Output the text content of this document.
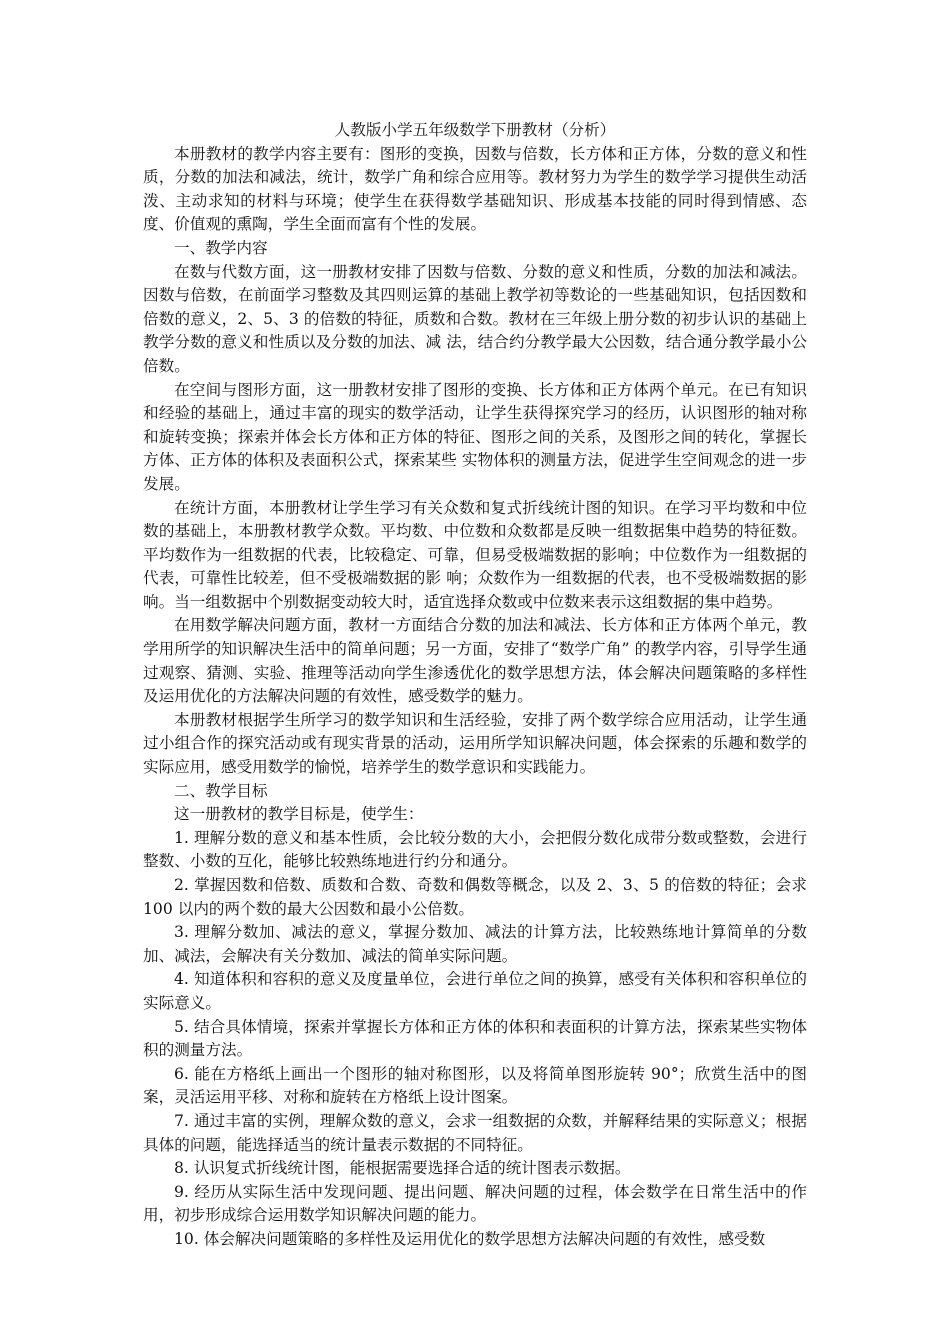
人教版小学五年级数学下册教材（分析）

本册教材的教学内容主要有：图形的变换，因数与倍数，长方体和正方体，分数的意义和性质，分数的加法和减法，统计，数学广角和综合应用等。教材努力为学生的数学学习提供生动活泼、主动求知的材料与环境；使学生在获得数学基础知识、形成基本技能的同时得到情感、态度、价值观的熏陶，学生全面而富有个性的发展。

一、教学内容

在数与代数方面，这一册教材安排了因数与倍数、分数的意义和性质，分数的加法和减法。因数与倍数，在前面学习整数及其四则运算的基础上教学初等数论的一些基础知识，包括因数和倍数的意义，2、5、3 的倍数的特征，质数和合数。教材在三年级上册分数的初步认识的基础上教学分数的意义和性质以及分数的加法、减 法，结合约分教学最大公因数，结合通分教学最小公倍数。

在空间与图形方面，这一册教材安排了图形的变换、长方体和正方体两个单元。在已有知识和经验的基础上，通过丰富的现实的数学活动，让学生获得探究学习的经历，认识图形的轴对称和旋转变换；探索并体会长方体和正方体的特征、图形之间的关系，及图形之间的转化，掌握长方体、正方体的体积及表面积公式，探索某些 实物体积的测量方法，促进学生空间观念的进一步发展。

在统计方面，本册教材让学生学习有关众数和复式折线统计图的知识。在学习平均数和中位数的基础上，本册教材教学众数。平均数、中位数和众数都是反映一组数据集中趋势的特征数。平均数作为一组数据的代表，比较稳定、可靠，但易受极端数据的影响；中位数作为一组数据的代表，可靠性比较差，但不受极端数据的影 响；众数作为一组数据的代表，也不受极端数据的影响。当一组数据中个别数据变动较大时，适宜选择众数或中位数来表示这组数据的集中趋势。

在用数学解决问题方面，教材一方面结合分数的加法和减法、长方体和正方体两个单元，教学用所学的知识解决生活中的简单问题；另一方面，安排了“数学广角” 的教学内容，引导学生通过观察、猜测、实验、推理等活动向学生渗透优化的数学思想方法，体会解决问题策略的多样性及运用优化的方法解决问题的有效性，感受数学的魅力。

本册教材根据学生所学习的数学知识和生活经验，安排了两个数学综合应用活动，让学生通过小组合作的探究活动或有现实背景的活动，运用所学知识解决问题，体会探索的乐趣和数学的实际应用，感受用数学的愉悦，培养学生的数学意识和实践能力。

二、教学目标

这一册教材的教学目标是，使学生：

1. 理解分数的意义和基本性质，会比较分数的大小，会把假分数化成带分数或整数，会进行整数、小数的互化，能够比较熟练地进行约分和通分。

2. 掌握因数和倍数、质数和合数、奇数和偶数等概念，以及 2、3、5 的倍数的特征；会求 100 以内的两个数的最大公因数和最小公倍数。

3. 理解分数加、减法的意义，掌握分数加、减法的计算方法，比较熟练地计算简单的分数加、减法，会解决有关分数加、减法的简单实际问题。

4. 知道体积和容积的意义及度量单位，会进行单位之间的换算，感受有关体积和容积单位的实际意义。

5. 结合具体情境，探索并掌握长方体和正方体的体积和表面积的计算方法，探索某些实物体积的测量方法。

6. 能在方格纸上画出一个图形的轴对称图形，以及将简单图形旋转 90°；欣赏生活中的图案，灵活运用平移、对称和旋转在方格纸上设计图案。

7. 通过丰富的实例，理解众数的意义，会求一组数据的众数，并解释结果的实际意义；根据具体的问题，能选择适当的统计量表示数据的不同特征。

8. 认识复式折线统计图，能根据需要选择合适的统计图表示数据。

9. 经历从实际生活中发现问题、提出问题、解决问题的过程，体会数学在日常生活中的作用，初步形成综合运用数学知识解决问题的能力。

10. 体会解决问题策略的多样性及运用优化的数学思想方法解决问题的有效性，感受数
